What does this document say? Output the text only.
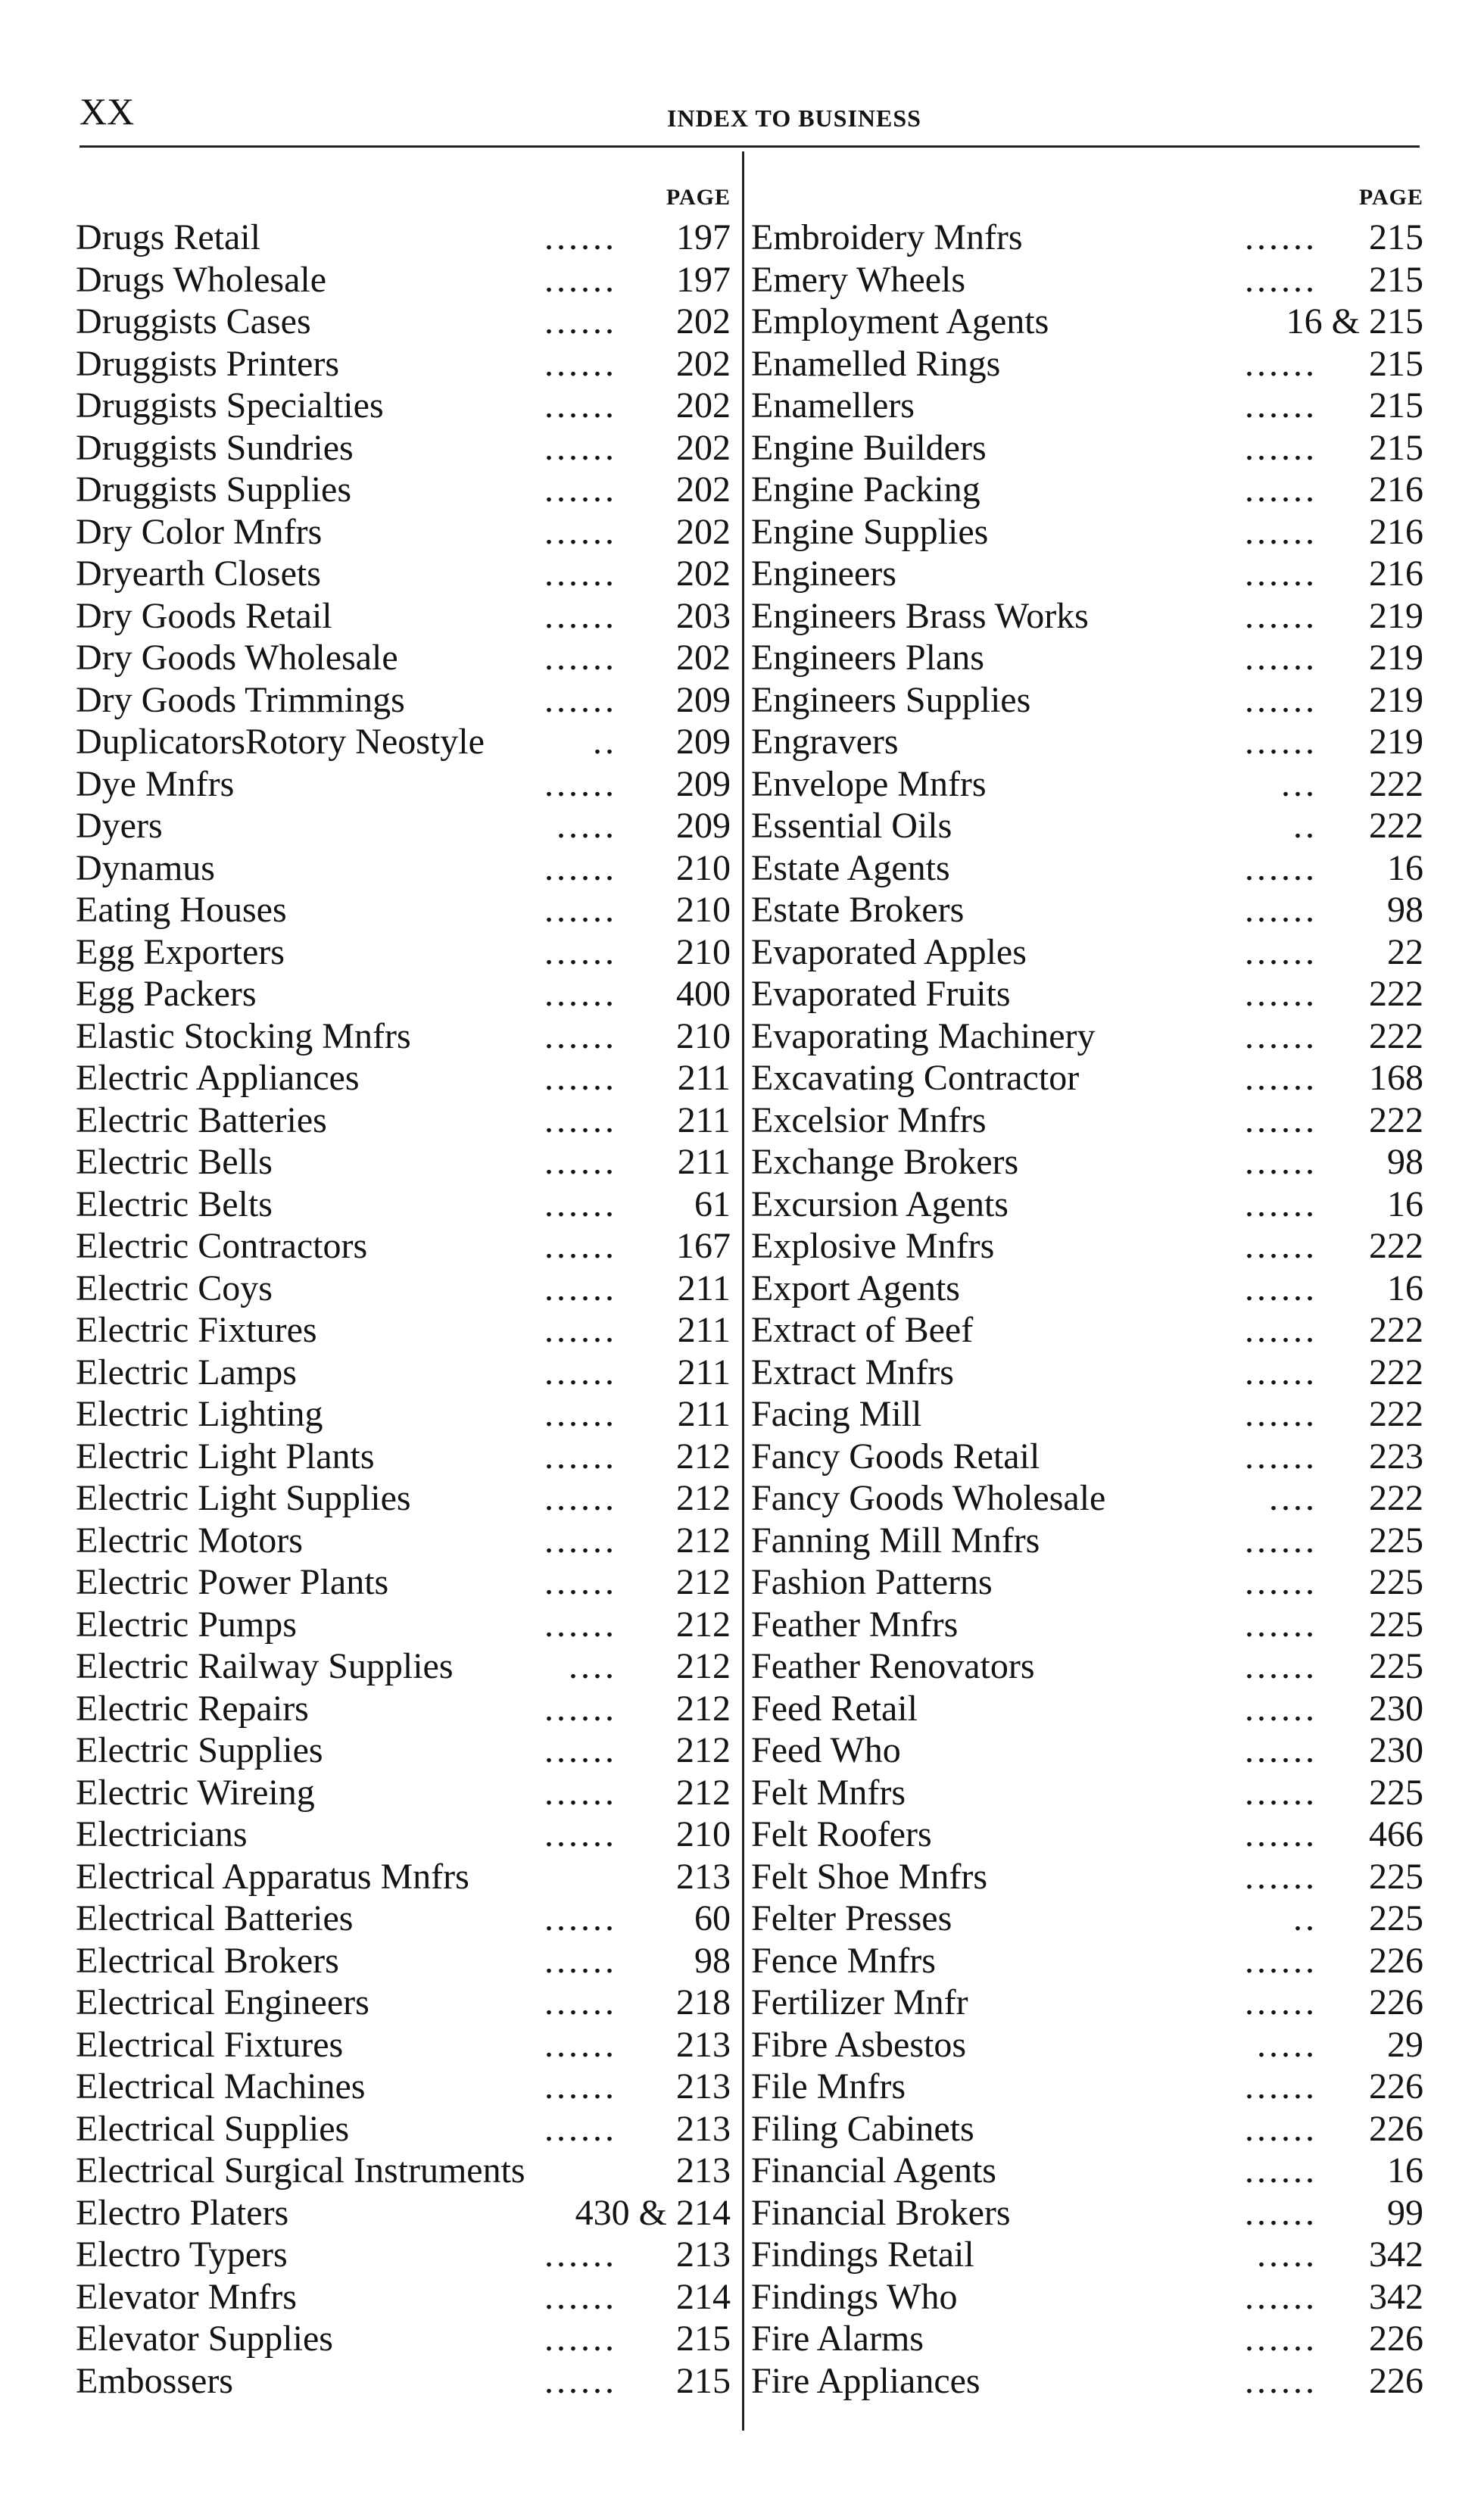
XX	INDEX TO BUSINESS
PAGE
Drugs Retail	...... 197
Drugs Wholesale	...... 197
Druggists Cases	...... 202
Druggists Printers	...... 202
Druggists Specialties	...... 202
Druggists Sundries	...... 202
Druggists Supplies	...... 202
Dry Color Mnfrs	...... 202
Dryearth Closets	...... 202
Dry Goods Retail	...... 203
Dry Goods Wholesale	...... 202
Dry Goods Trimmings	...... 209
DuplicatorsRotory Neostyle	.. 209
Dye Mnfrs	...... 209
Dyers	..... 209
Dynamus	...... 210
Eating Houses	...... 210
Egg Exporters	...... 210
Egg Packers	...... 400
Elastic Stocking Mnfrs	...... 210
Electric Appliances	...... 211
Electric Batteries	...... 211
Electric Bells	...... 211
Electric Belts	...... 61
Electric Contractors	...... 167
Electric Coys	...... 211
Electric Fixtures	...... 211
Electric Lamps	...... 211
Electric Lighting	...... 211
Electric Light Plants	...... 212
Electric Light Supplies	...... 212
Electric Motors	...... 212
Electric Power Plants	...... 212
Electric Pumps	...... 212
Electric Railway Supplies	.... 212
Electric Repairs	...... 212
Electric Supplies	...... 212
Electric Wireing	...... 212
Electricians	...... 210
Electrical Apparatus Mnfrs	213
Electrical Batteries	...... 60
Electrical Brokers	...... 98
Electrical Engineers	...... 218
Electrical Fixtures	...... 213
Electrical Machines	...... 213
Electrical Supplies	...... 213
Electrical Surgical Instruments	213
Electro Platers	430 & 214
Electro Typers	...... 213
Elevator Mnfrs	...... 214
Elevator Supplies	...... 215
Embossers	...... 215
PAGE
Embroidery Mnfrs	...... 215
Emery Wheels	...... 215
Employment Agents	16 & 215
Enamelled Rings	...... 215
Enamellers	...... 215
Engine Builders	...... 215
Engine Packing	...... 216
Engine Supplies	...... 216
Engineers	...... 216
Engineers Brass Works	...... 219
Engineers Plans	...... 219
Engineers Supplies	...... 219
Engravers	...... 219
Envelope Mnfrs	... 222
Essential Oils	.. 222
Estate Agents	...... 16
Estate Brokers	...... 98
Evaporated Apples	...... 22
Evaporated Fruits	...... 222
Evaporating Machinery	...... 222
Excavating Contractor	...... 168
Excelsior Mnfrs	...... 222
Exchange Brokers	...... 98
Excursion Agents	...... 16
Explosive Mnfrs	...... 222
Export Agents	...... 16
Extract of Beef	...... 222
Extract Mnfrs	...... 222
Facing Mill	...... 222
Fancy Goods Retail	...... 223
Fancy Goods Wholesale	.... 222
Fanning Mill Mnfrs	...... 225
Fashion Patterns	...... 225
Feather Mnfrs	...... 225
Feather Renovators	...... 225
Feed Retail	...... 230
Feed Who	...... 230
Felt Mnfrs	...... 225
Felt Roofers	...... 466
Felt Shoe Mnfrs	...... 225
Felter Presses	.. 225
Fence Mnfrs	...... 226
Fertilizer Mnfr	...... 226
Fibre Asbestos	..... 29
File Mnfrs	...... 226
Filing Cabinets	...... 226
Financial Agents	...... 16
Financial Brokers	...... 99
Findings Retail	..... 342
Findings Who	...... 342
Fire Alarms	...... 226
Fire Appliances	...... 226
